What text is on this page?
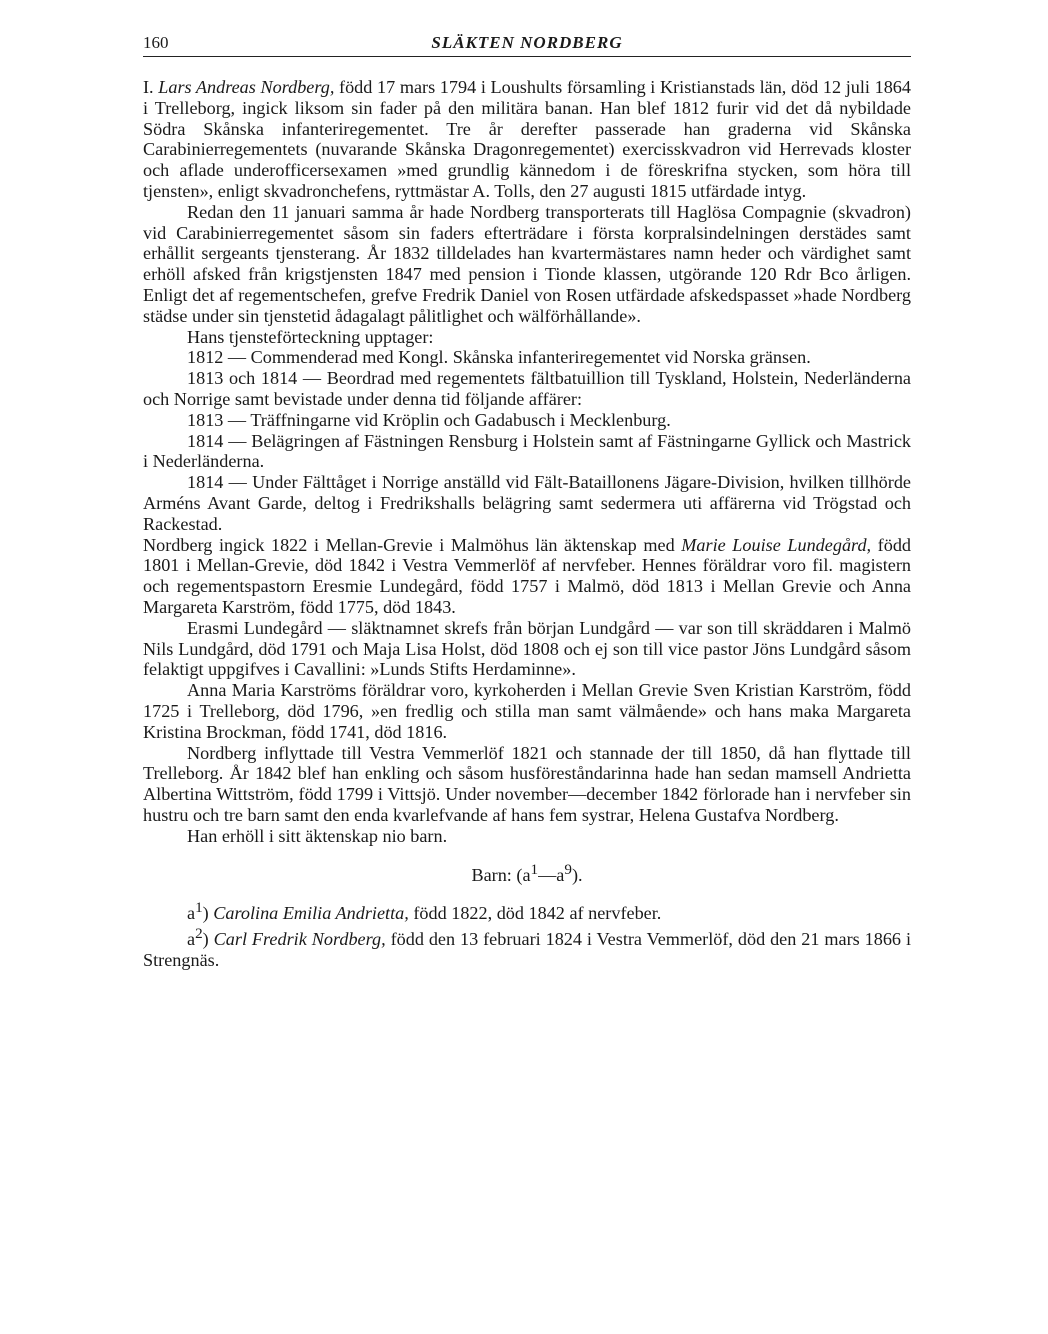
160	SLÄKTEN NORDBERG

I. Lars Andreas Nordberg, född 17 mars 1794 i Loushults församling i Kristianstads län, död 12 juli 1864 i Trelleborg, ingick liksom sin fader på den militära banan. Han blef 1812 furir vid det då nybildade Södra Skånska infanteriregementet. Tre år derefter passerade han graderna vid Skånska Carabinierregementets (nuvarande Skånska Dragonregementet) exercisskvadron vid Herrevads kloster och aflade underofficersexamen »med grundlig kännedom i de föreskrifna stycken, som höra till tjensten», enligt skvadronchefens, ryttmästar A. Tolls, den 27 augusti 1815 utfärdade intyg.

Redan den 11 januari samma år hade Nordberg transporterats till Haglösa Compagnie (skvadron) vid Carabinierregementet såsom sin faders efterträdare i första korpralsindelningen derstädes samt erhållit sergeants tjensterang. År 1832 tilldelades han kvartermästares namn heder och värdighet samt erhöll afsked från krigstjensten 1847 med pension i Tionde klassen, utgörande 120 Rdr Bco årligen. Enligt det af regementschefen, grefve Fredrik Daniel von Rosen utfärdade afskedspasset »hade Nordberg städse under sin tjenstetid ådagalagt pålitlighet och wälförhållande».

Hans tjensteförteckning upptager:

1812 — Commenderad med Kongl. Skånska infanteriregementet vid Norska gränsen.

1813 och 1814 — Beordrad med regementets fältbatuillion till Tyskland, Holstein, Nederländerna och Norrige samt bevistade under denna tid följande affärer:

1813 — Träffningarne vid Kröplin och Gadabusch i Mecklenburg.

1814 — Belägringen af Fästningen Rensburg i Holstein samt af Fästningarne Gyllick och Mastrick i Nederländerna.

1814 — Under Fälttåget i Norrige anställd vid Fält-Bataillonens Jägare-Division, hvilken tillhörde Arméns Avant Garde, deltog i Fredrikshalls belägring samt sedermera uti affärerna vid Trögstad och Rackestad.

Nordberg ingick 1822 i Mellan-Grevie i Malmöhus län äktenskap med Marie Louise Lundegård, född 1801 i Mellan-Grevie, död 1842 i Vestra Vemmerlöf af nervfeber. Hennes föräldrar voro fil. magistern och regementspastorn Eresmie Lundegård, född 1757 i Malmö, död 1813 i Mellan Grevie och Anna Margareta Karström, född 1775, död 1843.

Erasmi Lundegård — släktnamnet skrefs från början Lundgård — var son till skräddaren i Malmö Nils Lundgård, död 1791 och Maja Lisa Holst, död 1808 och ej son till vice pastor Jöns Lundgård såsom felaktigt uppgifves i Cavallini: »Lunds Stifts Herdaminne».

Anna Maria Karströms föräldrar voro, kyrkoherden i Mellan Grevie Sven Kristian Karström, född 1725 i Trelleborg, död 1796, »en fredlig och stilla man samt välmående» och hans maka Margareta Kristina Brockman, född 1741, död 1816.

Nordberg inflyttade till Vestra Vemmerlöf 1821 och stannade der till 1850, då han flyttade till Trelleborg. År 1842 blef han enkling och såsom husföreståndarinna hade han sedan mamsell Andrietta Albertina Wittström, född 1799 i Vittsjö. Under november—december 1842 förlorade han i nervfeber sin hustru och tre barn samt den enda kvarlefvande af hans fem systrar, Helena Gustafva Nordberg.

Han erhöll i sitt äktenskap nio barn.

Barn: $(a^1—a^9)$.

$a^1$) Carolina Emilia Andrietta, född 1822, död 1842 af nervfeber.

$a^2$) Carl Fredrik Nordberg, född den 13 februari 1824 i Vestra Vemmerlöf, död den 21 mars 1866 i Strengnäs.
